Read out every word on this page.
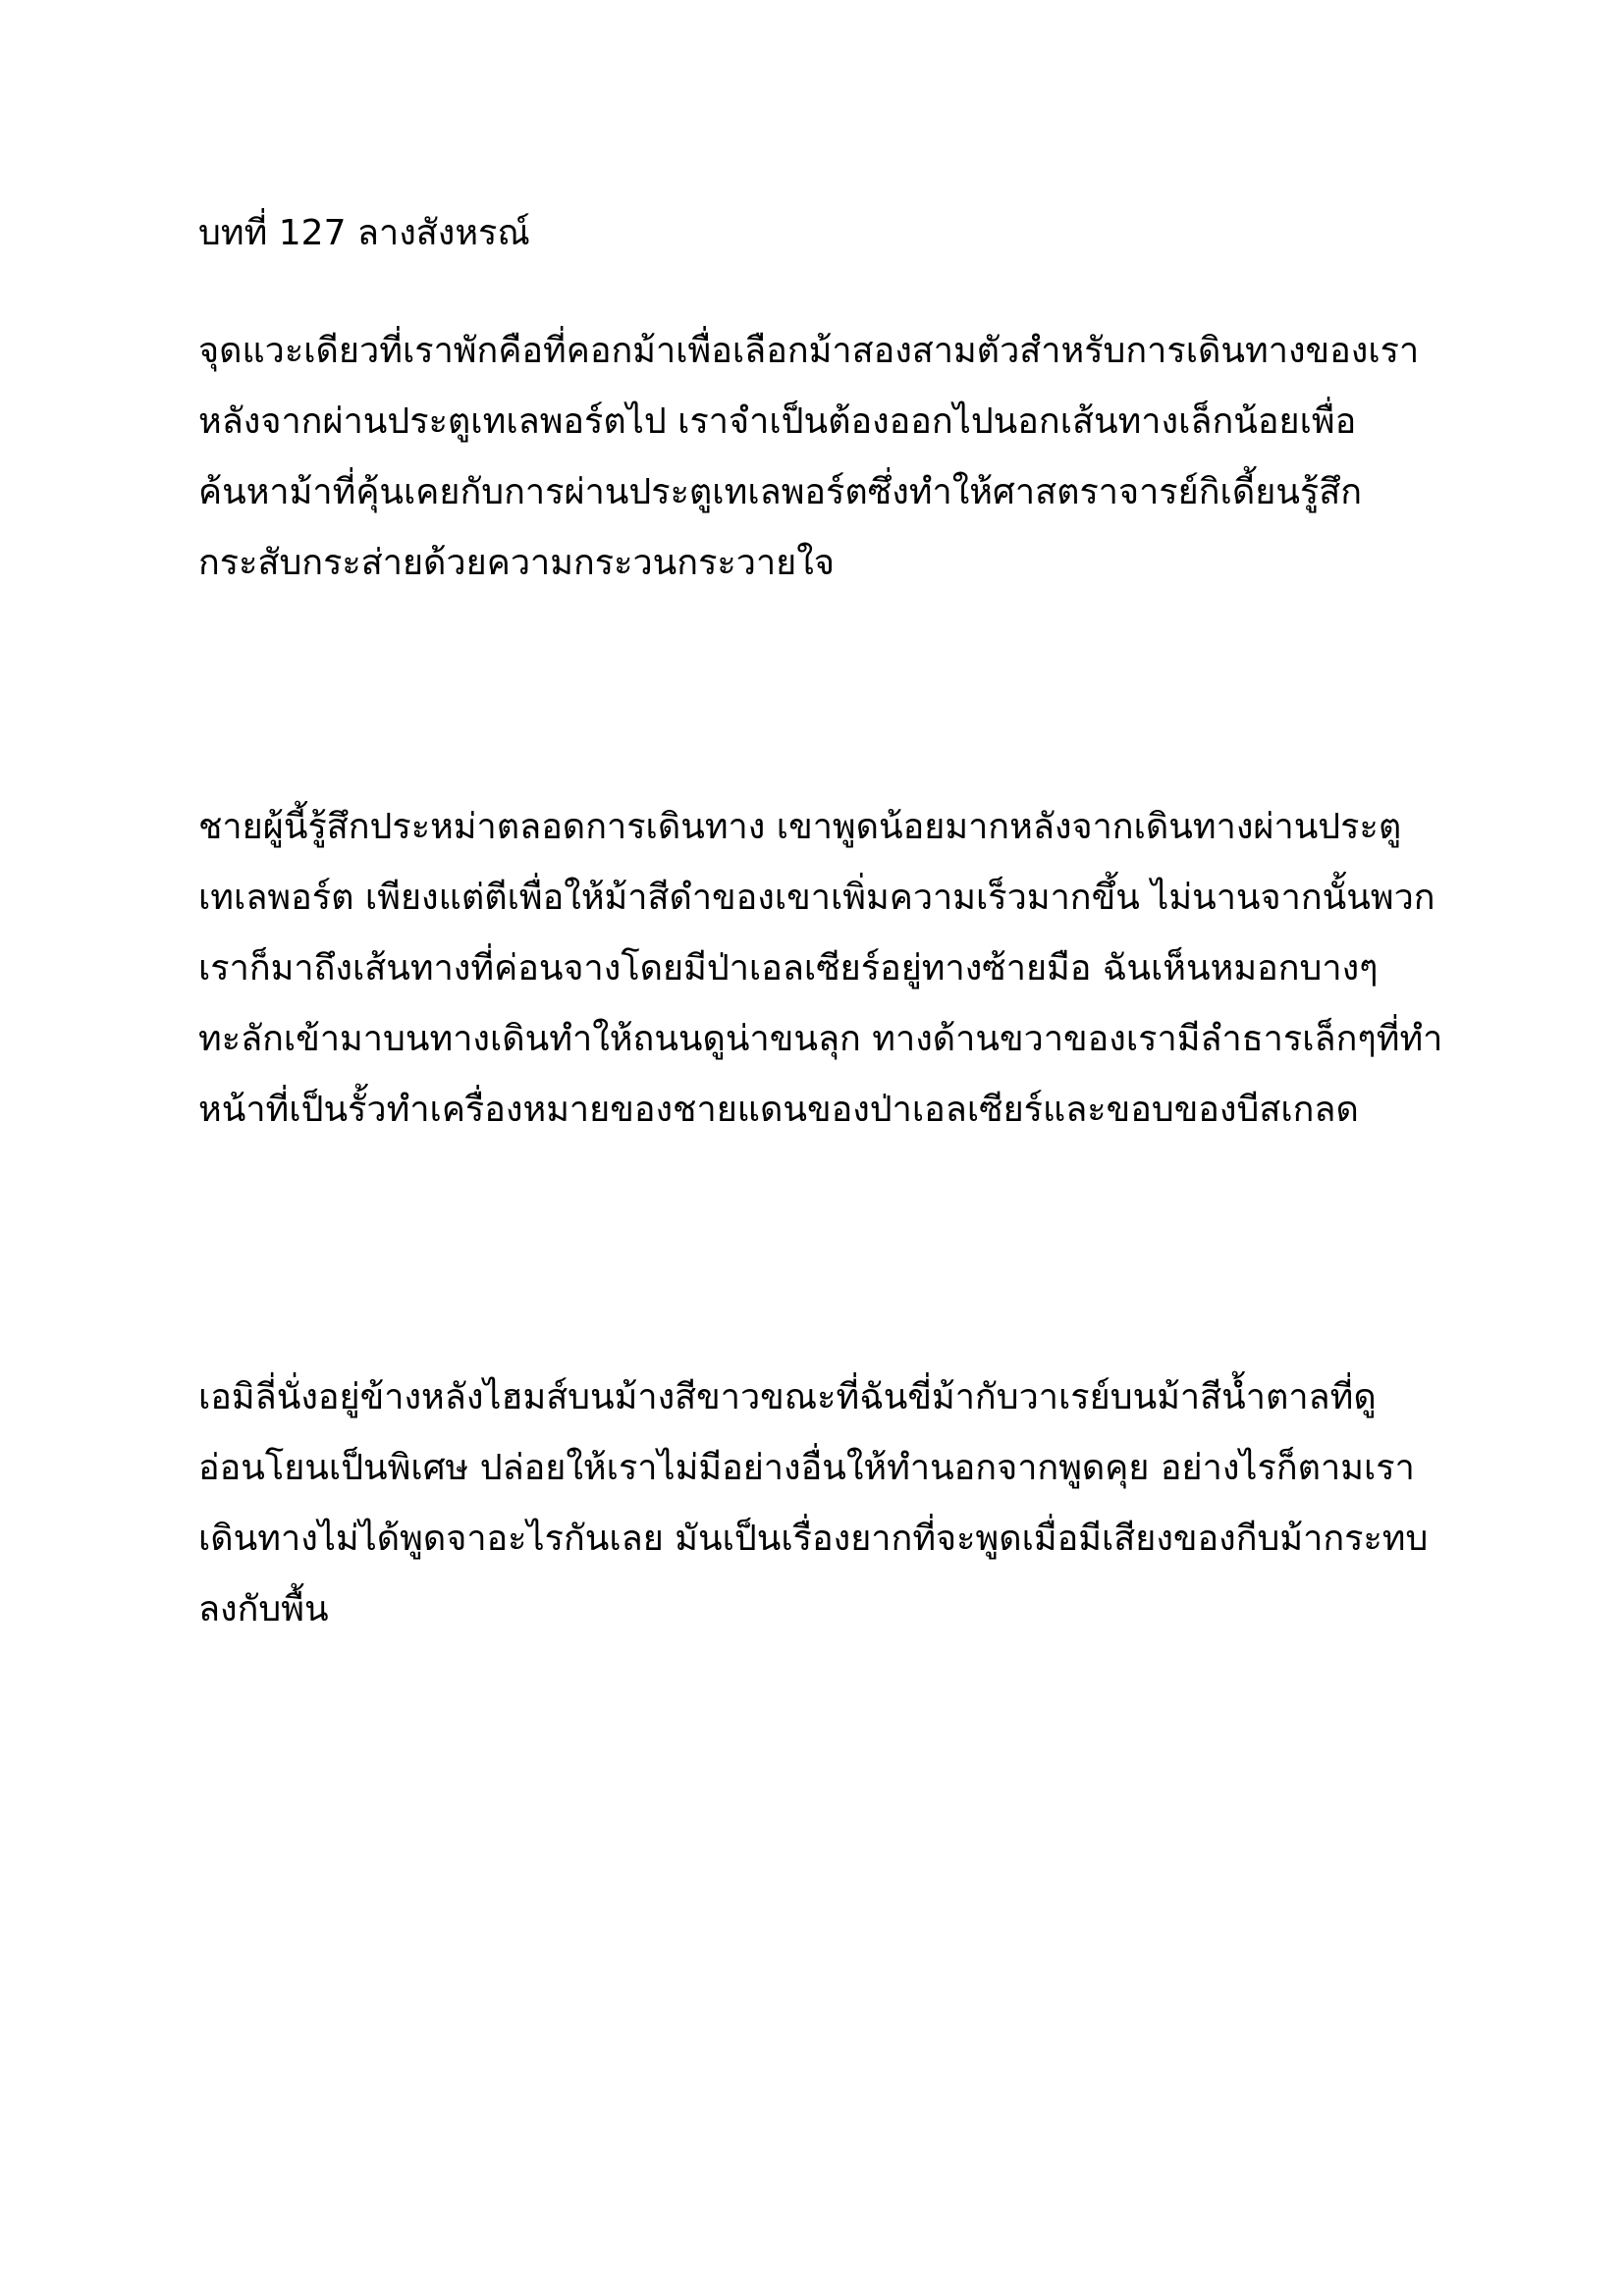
บทที่ 127 ลางสังหรณ์
จุดแวะเดียวที่เราพักคือที่คอกม้าเพื่อเลือกม้าสองสามตัวสำหรับการเดินทางของเรา
หลังจากผ่านประตูเทเลพอร์ตไป เราจำเป็นต้องออกไปนอกเส้นทางเล็กน้อยเพื่อ
ค้นหาม้าที่คุ้นเคยกับการผ่านประตูเทเลพอร์ตซึ่งทำให้ศาสตราจารย์กิเดี้ยนรู้สึก
กระสับกระส่ายด้วยความกระวนกระวายใจ
ชายผู้นี้รู้สึกประหม่าตลอดการเดินทาง เขาพูดน้อยมากหลังจากเดินทางผ่านประตู
เทเลพอร์ต เพียงแต่ตีเพื่อให้ม้าสีดำของเขาเพิ่มความเร็วมากขึ้น ไม่นานจากนั้นพวก
เราก็มาถึงเส้นทางที่ค่อนจางโดยมีป่าเอลเซียร์อยู่ทางซ้ายมือ ฉันเห็นหมอกบางๆ
ทะลักเข้ามาบนทางเดินทำให้ถนนดูน่าขนลุก ทางด้านขวาของเรามีลำธารเล็กๆที่ทำ
หน้าที่เป็นรั้วทำเครื่องหมายของชายแดนของป่าเอลเซียร์และขอบของบีสเกลด
เอมิลี่นั่งอยู่ข้างหลังไฮมส์บนม้างสีขาวขณะที่ฉันขี่ม้ากับวาเรย์บนม้าสีน้ำตาลที่ดู
อ่อนโยนเป็นพิเศษ ปล่อยให้เราไม่มีอย่างอื่นให้ทำนอกจากพูดคุย อย่างไรก็ตามเรา
เดินทางไม่ได้พูดจาอะไรกันเลย มันเป็นเรื่องยากที่จะพูดเมื่อมีเสียงของกีบม้ากระทบ
ลงกับพื้น
